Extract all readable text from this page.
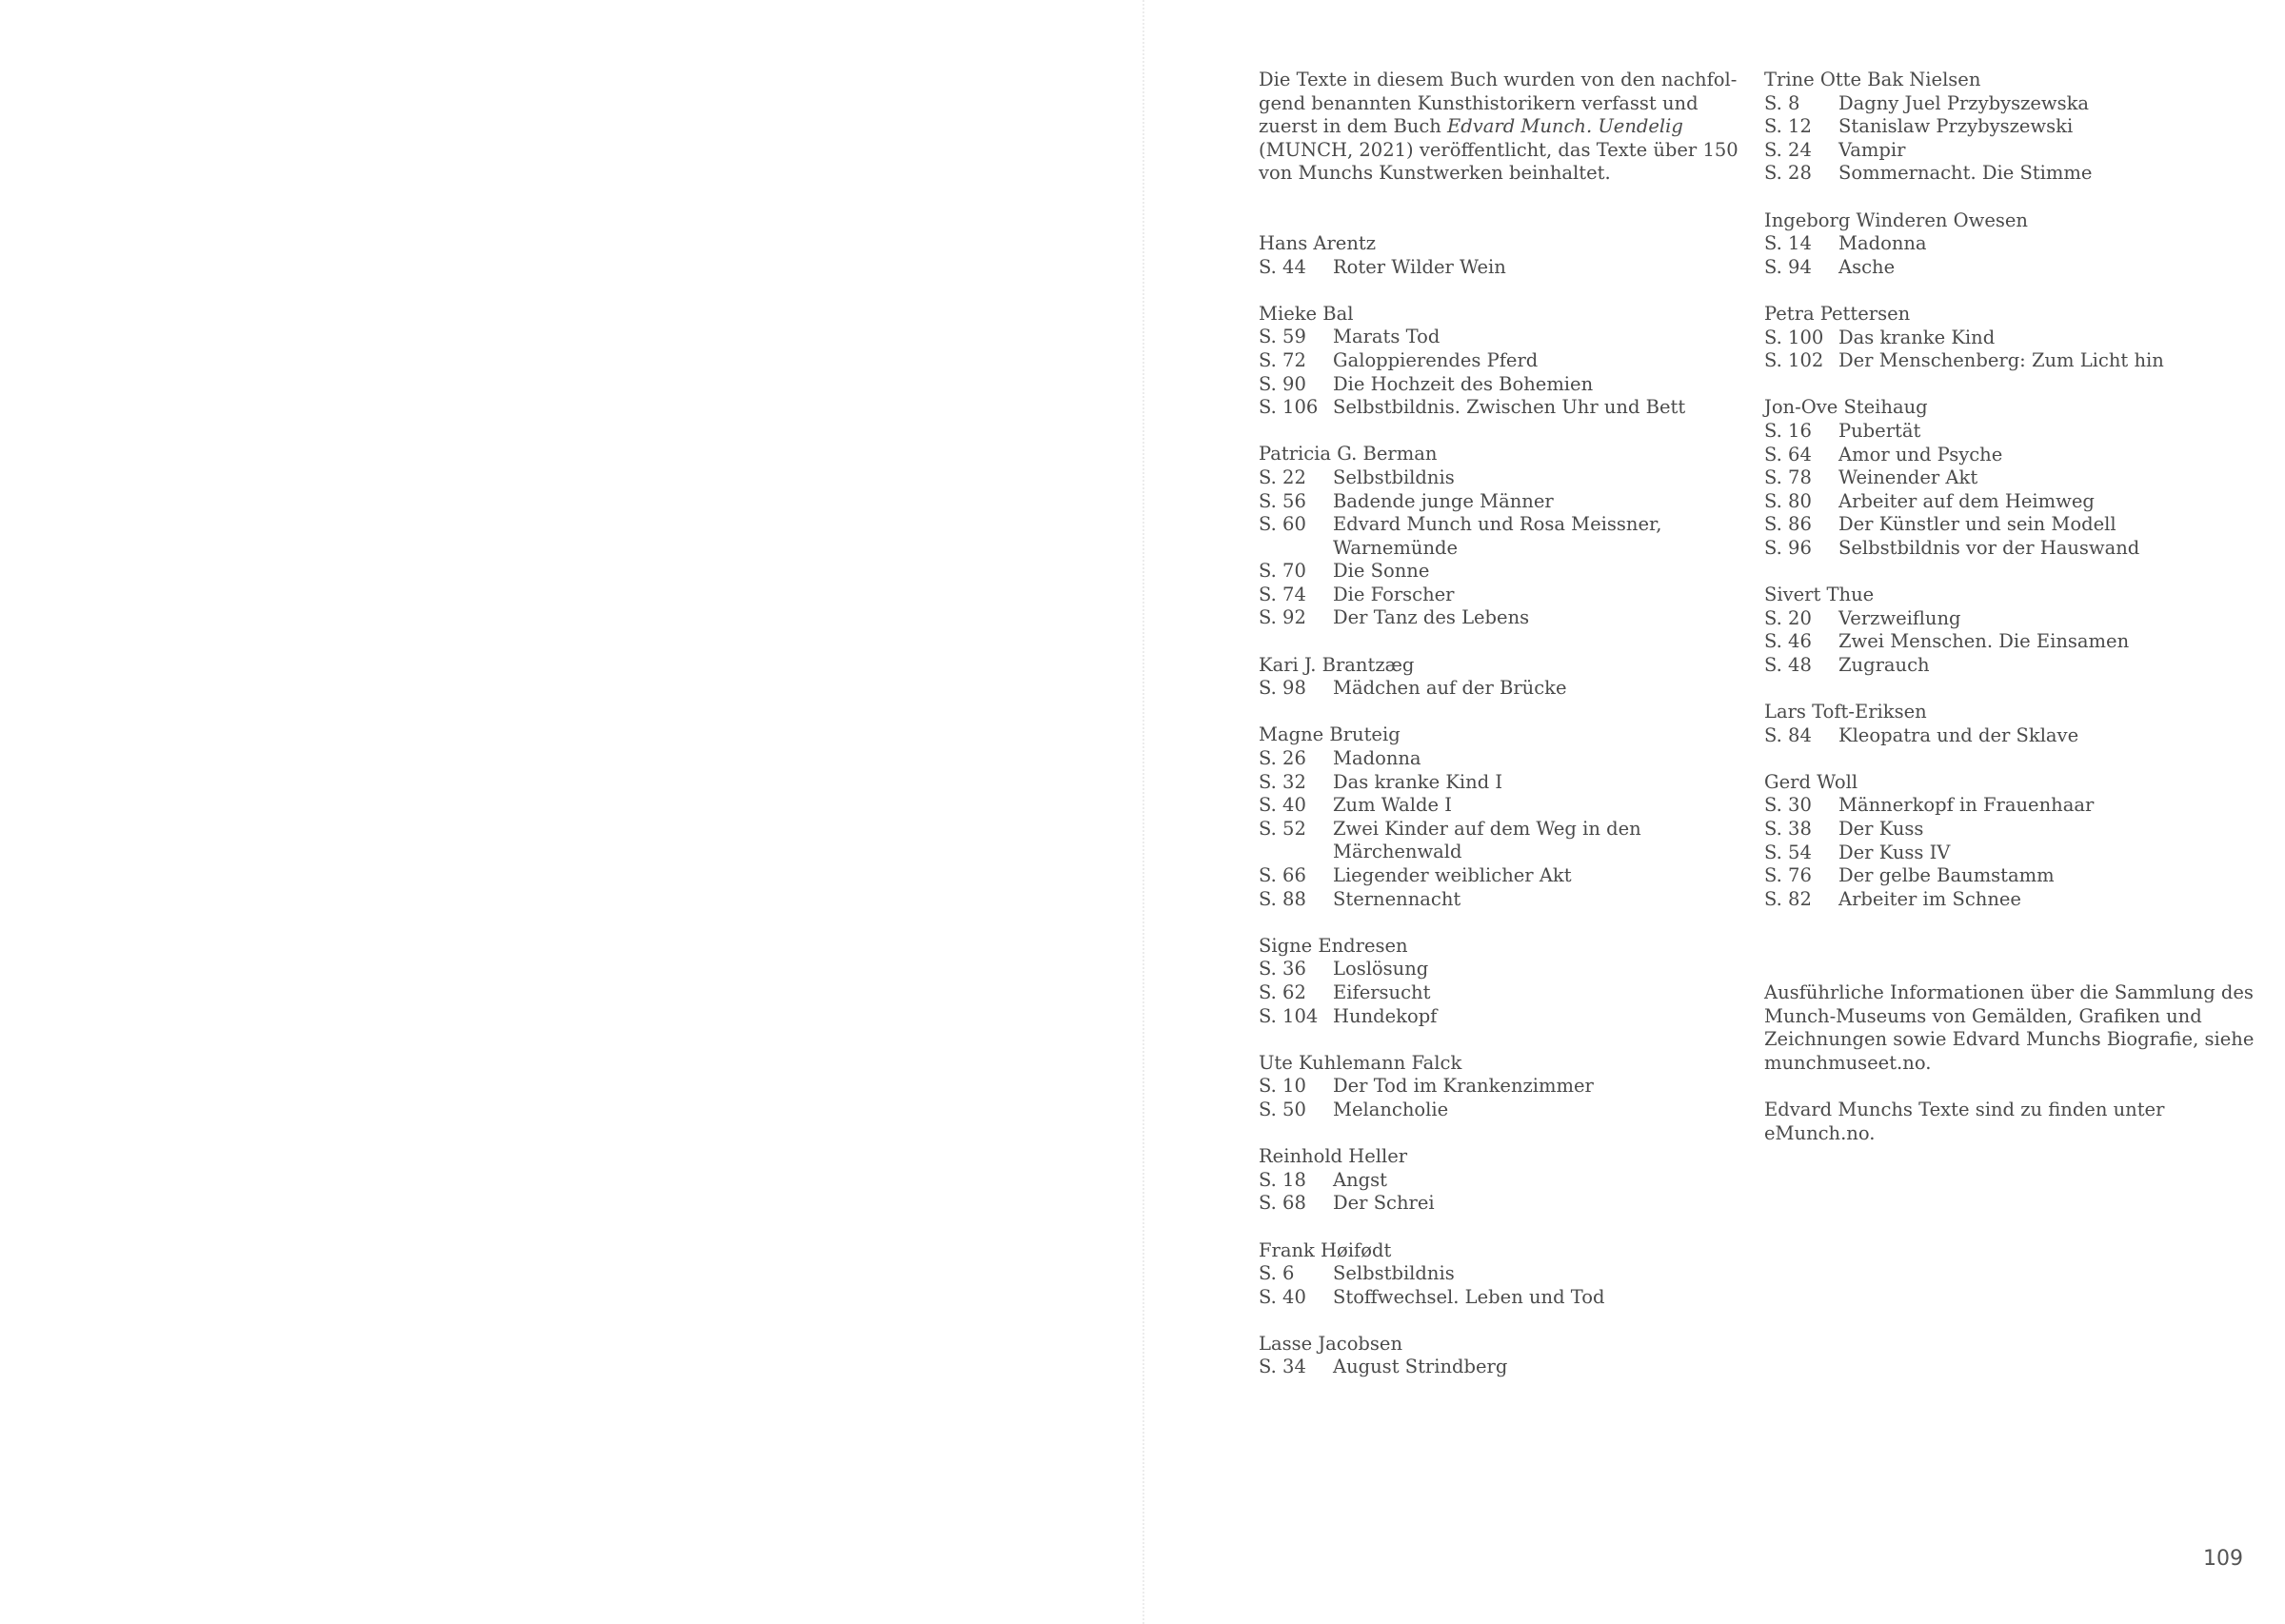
Die Texte in diesem Buch wurden von den nachfolgend benannten Kunsthistorikern verfasst und zuerst in dem Buch Edvard Munch. Uendelig (MUNCH, 2021) veröffentlicht, das Texte über 150 von Munchs Kunstwerken beinhaltet.

Hans Arentz
S. 44	Roter Wilder Wein
Mieke Bal
S. 59	Marats Tod
S. 72	Galoppierendes Pferd
S. 90	Die Hochzeit des Bohemien
S. 106 Selbstbildnis. Zwischen Uhr und Bett
Patricia G. Berman
S. 22	Selbstbildnis
S. 56	Badende junge Männer
S. 60	Edvard Munch und Rosa Meissner, Warnemünde
S. 70	Die Sonne
S. 74	Die Forscher
S. 92	Der Tanz des Lebens
Kari J. Brantzæg
S. 98	Mädchen auf der Brücke
Magne Bruteig
S. 26	Madonna
S. 32	Das kranke Kind I
S. 40	Zum Walde I
S. 52	Zwei Kinder auf dem Weg in den Märchenwald
S. 66	Liegender weiblicher Akt
S. 88	Sternennacht
Signe Endresen
S. 36	Loslösung
S. 62	Eifersucht
S. 104 Hundekopf
Ute Kuhlemann Falck
S. 10	Der Tod im Krankenzimmer
S. 50	Melancholie
Reinhold Heller
S. 18	Angst
S. 68	Der Schrei
Frank Høifødt
S. 6	Selbstbildnis
S. 40	Stoffwechsel. Leben und Tod
Lasse Jacobsen
S. 34	August Strindberg
Trine Otte Bak Nielsen
S. 8	Dagny Juel Przybyszewska
S. 12	Stanislaw Przybyszewski
S. 24	Vampir
S. 28	Sommernacht. Die Stimme
Ingeborg Winderen Owesen
S. 14	Madonna
S. 94	Asche
Petra Pettersen
S. 100 Das kranke Kind
S. 102 Der Menschenberg: Zum Licht hin
Jon-Ove Steihaug
S. 16	Pubertät
S. 64	Amor und Psyche
S. 78	Weinender Akt
S. 80	Arbeiter auf dem Heimweg
S. 86	Der Künstler und sein Modell
S. 96	Selbstbildnis vor der Hauswand
Sivert Thue
S. 20	Verzweiflung
S. 46	Zwei Menschen. Die Einsamen
S. 48	Zugrauch
Lars Toft-Eriksen
S. 84	Kleopatra und der Sklave
Gerd Woll
S. 30	Männerkopf in Frauenhaar
S. 38	Der Kuss
S. 54	Der Kuss IV
S. 76	Der gelbe Baumstamm
S. 82	Arbeiter im Schnee

Ausführliche Informationen über die Sammlung des Munch-Museums von Gemälden, Grafiken und Zeichnungen sowie Edvard Munchs Biografie, siehe munchmuseet.no.

Edvard Munchs Texte sind zu finden unter eMunch.no.

109
